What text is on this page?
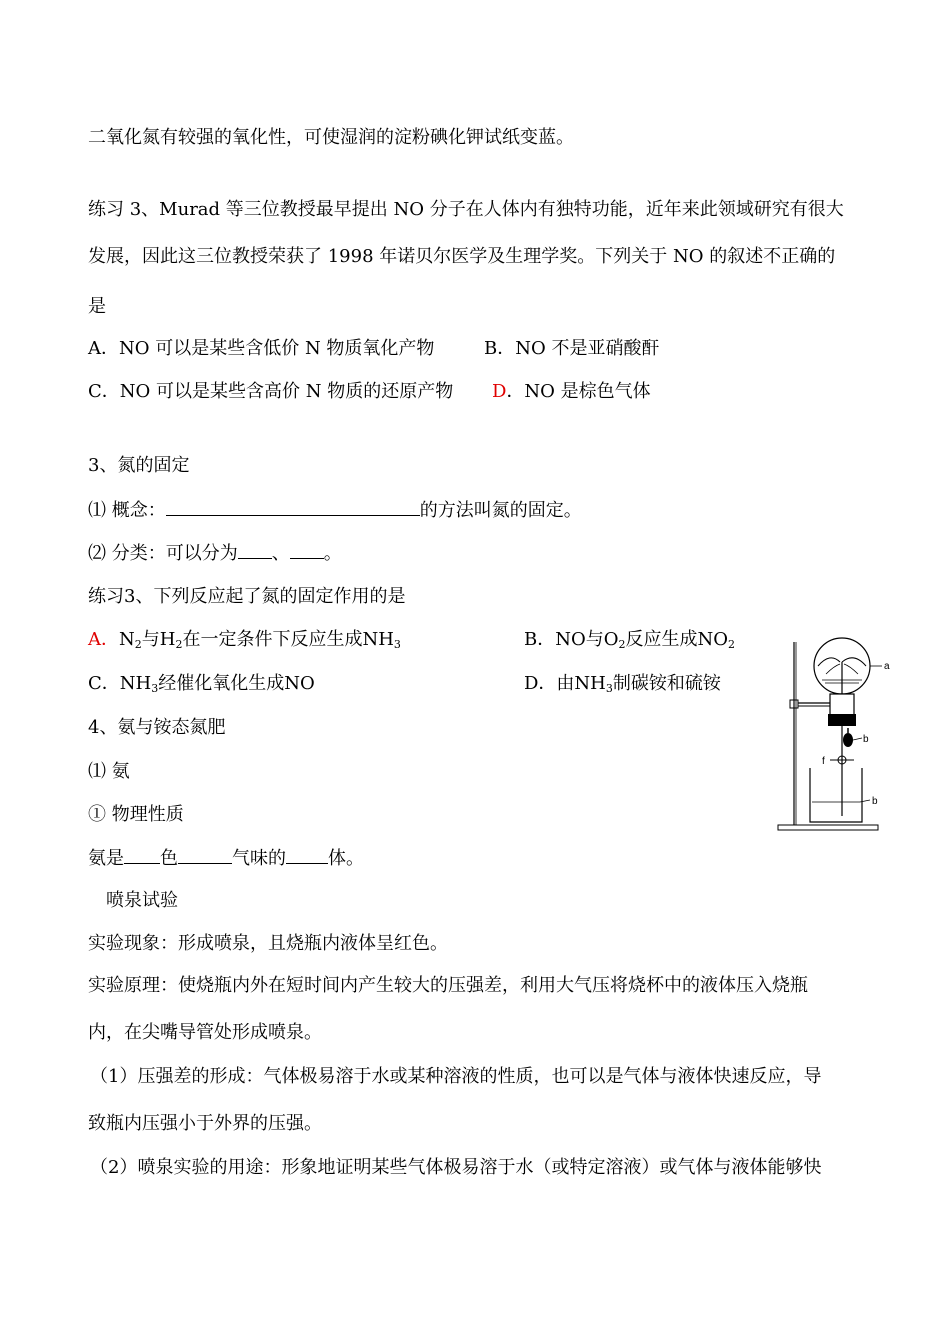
二氧化氮有较强的氧化性，可使湿润的淀粉碘化钾试纸变蓝。
练习 3、Murad 等三位教授最早提出 NO 分子在人体内有独特功能，近年来此领域研究有很大
发展，因此这三位教授荣获了 1998 年诺贝尔医学及生理学奖。下列关于 NO 的叙述不正确的
是
A．NO 可以是某些含低价 N 物质氧化产物	B．NO 不是亚硝酸酐
C．NO 可以是某些含高价 N 物质的还原产物 D．NO 是棕色气体
3、氮的固定
⑴ 概念：	的方法叫氮的固定。
⑵ 分类：可以分为 、 。
练习3、下列反应起了氮的固定作用的是
A．$N_2$与$H_2$在一定条件下反应生成$NH_3$	B．NO与$O_2$反应生成$NO_2$
C．$NH_3$经催化氧化生成NO	D．由$NH_3$制碳铵和硫铵
4、氨与铵态氮肥
⑴ 氨
① 物理性质
氨是 色	气味的 体。
喷泉试验
实验现象：形成喷泉，且烧瓶内液体呈红色。
实验原理：使烧瓶内外在短时间内产生较大的压强差，利用大气压将烧杯中的液体压入烧瓶
内，在尖嘴导管处形成喷泉。
（1）压强差的形成：气体极易溶于水或某种溶液的性质，也可以是气体与液体快速反应，导
致瓶内压强小于外界的压强。
（2）喷泉实验的用途：形象地证明某些气体极易溶于水（或特定溶液）或气体与液体能够快
a
b
f
b
